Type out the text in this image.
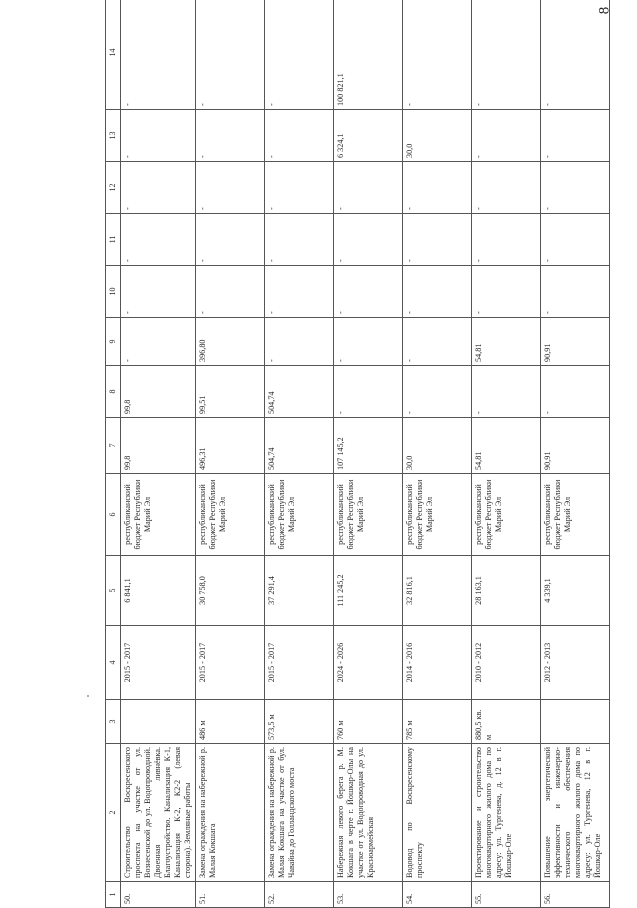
8
1	2	3	4	5	6	7	8	9	10	11	12	13	14
50.	Строительство Воскресенского проспекта на участке от ул. Вознесенской до ул. Водопроводной. Двоенная ливнёвка. Благоустройство. Канализация К-1, Канализация К-2, К2-2 (левая сторона). Земляные работы		2015 - 2017	6 841,1	республиканский бюджет Республики Марий Эл	99,8	99,8	-	-	-	-	-	-
51.	Замена ограждения на набережной р. Малая Кокшага	486 м	2015 - 2017	30 758,0	республиканский бюджет Республики Марий Эл	496,31	99,51	396,80	-	-	-	-	-
52.	Замена ограждения на набережной р. Малая Кокшага на участке от бул. Чавайна до Голландского моста	573,5 м	2015 - 2017	37 291,4	республиканский бюджет Республики Марий Эл	504,74	504,74	-	-	-	-	-	-
53.	Набережная левого берега р. М. Кокшага в черте г. Йошкар-Олы на участке от ул. Водопроводная до ул. Красноармейская	760 м	2024 - 2026	111 245,2	республиканский бюджет Республики Марий Эл	107 145,2	-	-	-	-	-	6 324,1	100 821,1
54.	Водовод по Воскресенскому проспекту	785 м	2014 - 2016	32 816,1	республиканский бюджет Республики Марий Эл	30,0	-	-	-	-	-	30,0	-
55.	Проектирование и строительство многоквартирного жилого дома по адресу: ул. Тургенева, д. 12 в г. Йошкар-Оле	880,5 кв. м	2010 - 2012	28 163,1	республиканский бюджет Республики Марий Эл	54,81	-	54,81	-	-	-	-	-
56.	Повышение энергетической эффективности и инженерно-технического обеспечения многоквартирного жилого дома по адресу: ул. Тургенева, 12 в г. Йошкар-Оле		2012 - 2013	4 339,1	республиканский бюджет Республики Марий Эл	90,91	-	90,91	-	-	-	-	-
